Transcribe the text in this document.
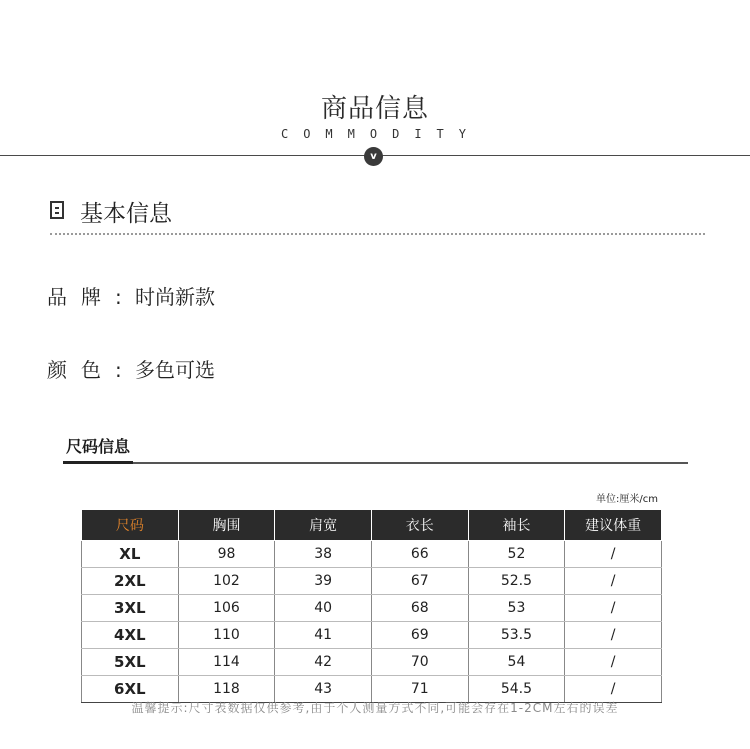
商品信息
COMMODITY
v
基本信息
品牌: 时尚新款
颜色: 多色可选
尺码信息
单位:厘米/cm
尺码	胸围	肩宽	衣长	袖长	建议体重
XL	98	38	66	52	/
2XL	102	39	67	52.5	/
3XL	106	40	68	53	/
4XL	110	41	69	53.5	/
5XL	114	42	70	54	/
6XL	118	43	71	54.5	/
温馨提示:尺寸表数据仅供参考,由于个人测量方式不同,可能会存在1-2CM左右的误差
